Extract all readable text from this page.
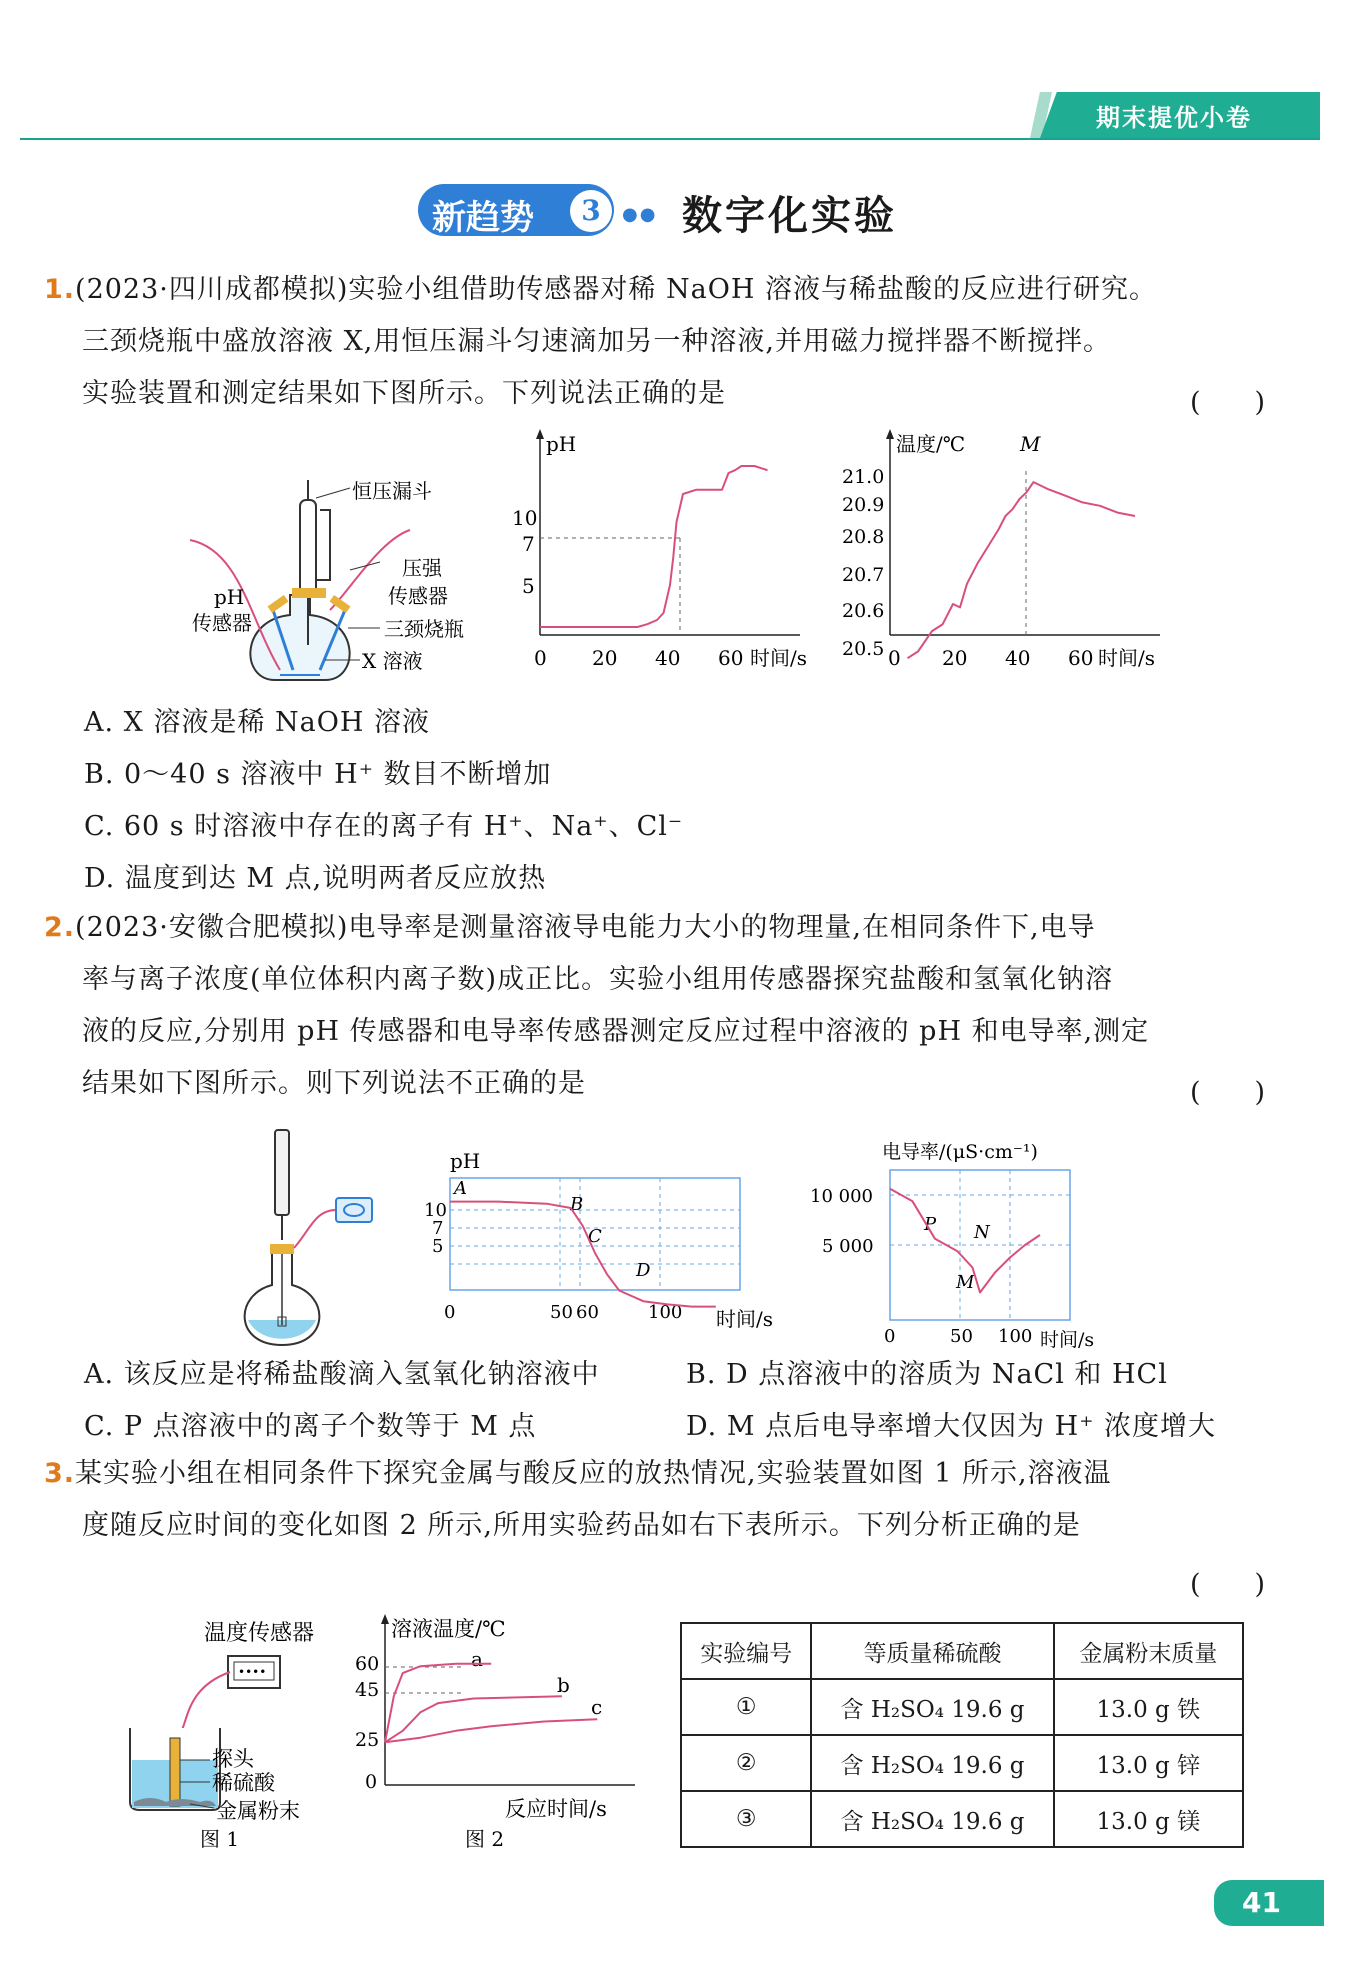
期末提优小卷
新趋势	3	●● 数字化实验
1.(2023·四川成都模拟)实验小组借助传感器对稀 NaOH 溶液与稀盐酸的反应进行研究。
三颈烧瓶中盛放溶液 X,用恒压漏斗匀速滴加另一种溶液,并用磁力搅拌器不断搅拌。
实验装置和测定结果如下图所示。下列说法正确的是	(　　)
恒压漏斗
压强
传感器
pH
传感器	三颈烧瓶
X 溶液
pH
时间/s
10
7
5
0 20 40 60
温度/℃
时间/s
21.0
20.9
20.8
20.7
20.6
20.5 0 20 40 60
M
A. X 溶液是稀 NaOH 溶液
B. 0～40 s 溶液中 H⁺ 数目不断增加
C. 60 s 时溶液中存在的离子有 H⁺、Na⁺、Cl⁻
D. 温度到达 M 点,说明两者反应放热
2.(2023·安徽合肥模拟)电导率是测量溶液导电能力大小的物理量,在相同条件下,电导
率与离子浓度(单位体积内离子数)成正比。实验小组用传感器探究盐酸和氢氧化钠溶
液的反应,分别用 pH 传感器和电导率传感器测定反应过程中溶液的 pH 和电导率,测定
结果如下图所示。则下列说法不正确的是	(　　)
pH
时间/s
10
7
5
0	50 60	100
A
B
C
D
电导率/(μS·cm⁻¹)
时间/s
10 000
5 000
0	50 100
P
M
N
A. 该反应是将稀盐酸滴入氢氧化钠溶液中	B. D 点溶液中的溶质为 NaCl 和 HCl
C. P 点溶液中的离子个数等于 M 点	D. M 点后电导率增大仅因为 H⁺ 浓度增大
3.某实验小组在相同条件下探究金属与酸反应的放热情况,实验装置如图 1 所示,溶液温
度随反应时间的变化如图 2 所示,所用实验药品如右下表所示。下列分析正确的是
(　　)
温度传感器
••••
探头
稀硫酸
金属粉末
图 1
溶液温度/℃
反应时间/s
60
45
25
0
a
b
c
图 2
实验编号	等质量稀硫酸	金属粉末质量
①	含 H₂SO₄ 19.6 g	13.0 g 铁
②	含 H₂SO₄ 19.6 g	13.0 g 锌
③	含 H₂SO₄ 19.6 g	13.0 g 镁
41
